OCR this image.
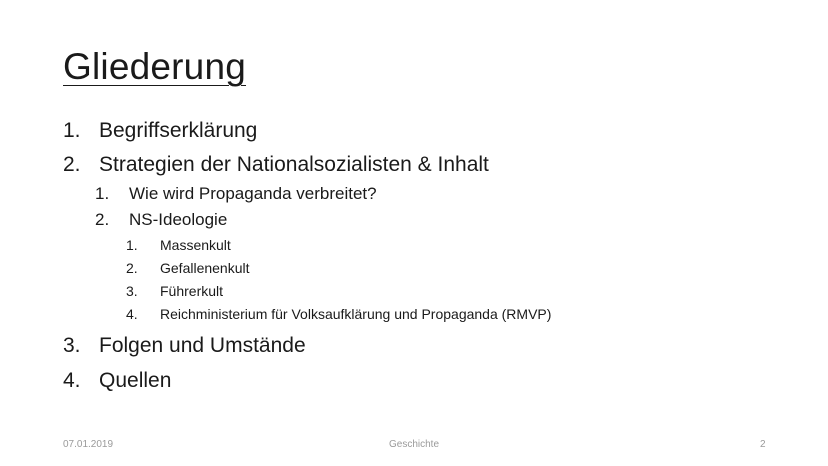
Gliederung
1. Begriffserklärung
2. Strategien der Nationalsozialisten & Inhalt
1. Wie wird Propaganda verbreitet?
2. NS-Ideologie
1. Massenkult
2. Gefallenenkult
3. Führerkult
4. Reichministerium für Volksaufklärung und Propaganda (RMVP)
3. Folgen und Umstände
4. Quellen
07.01.2019	Geschichte	2
